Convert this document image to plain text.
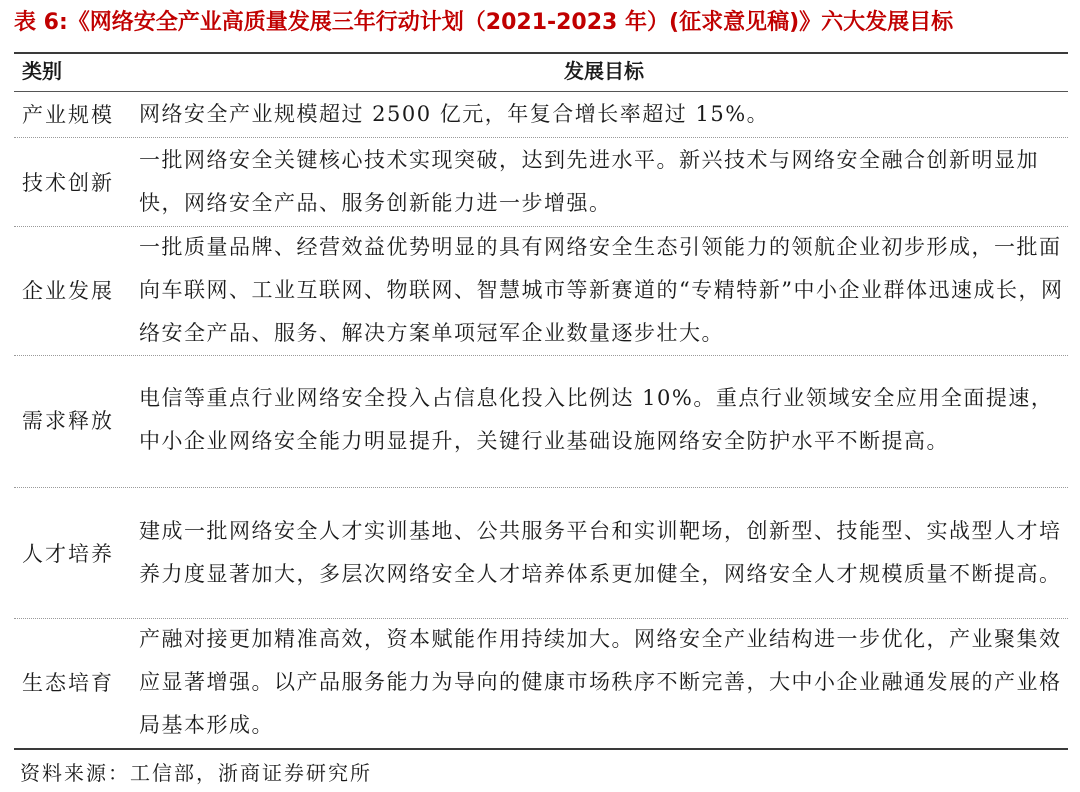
表 6:《网络安全产业高质量发展三年行动计划（2021-2023 年）(征求意见稿)》六大发展目标
类别	发展目标
产业规模 网络安全产业规模超过 2500 亿元，年复合增长率超过 15%。

技术创新

一批网络安全关键核心技术实现突破，达到先进水平。新兴技术与网络安全融合创新明显加快，网络安全产品、服务创新能力进一步增强。

企业发展

一批质量品牌、经营效益优势明显的具有网络安全生态引领能力的领航企业初步形成，一批面向车联网、工业互联网、物联网、智慧城市等新赛道的“专精特新”中小企业群体迅速成长，网络安全产品、服务、解决方案单项冠军企业数量逐步壮大。

需求释放

电信等重点行业网络安全投入占信息化投入比例达 10%。重点行业领域安全应用全面提速，中小企业网络安全能力明显提升，关键行业基础设施网络安全防护水平不断提高。

人才培养

建成一批网络安全人才实训基地、公共服务平台和实训靶场，创新型、技能型、实战型人才培养力度显著加大，多层次网络安全人才培养体系更加健全，网络安全人才规模质量不断提高。

生态培育

产融对接更加精准高效，资本赋能作用持续加大。网络安全产业结构进一步优化，产业聚集效应显著增强。以产品服务能力为导向的健康市场秩序不断完善，大中小企业融通发展的产业格局基本形成。

资料来源：工信部，浙商证券研究所
